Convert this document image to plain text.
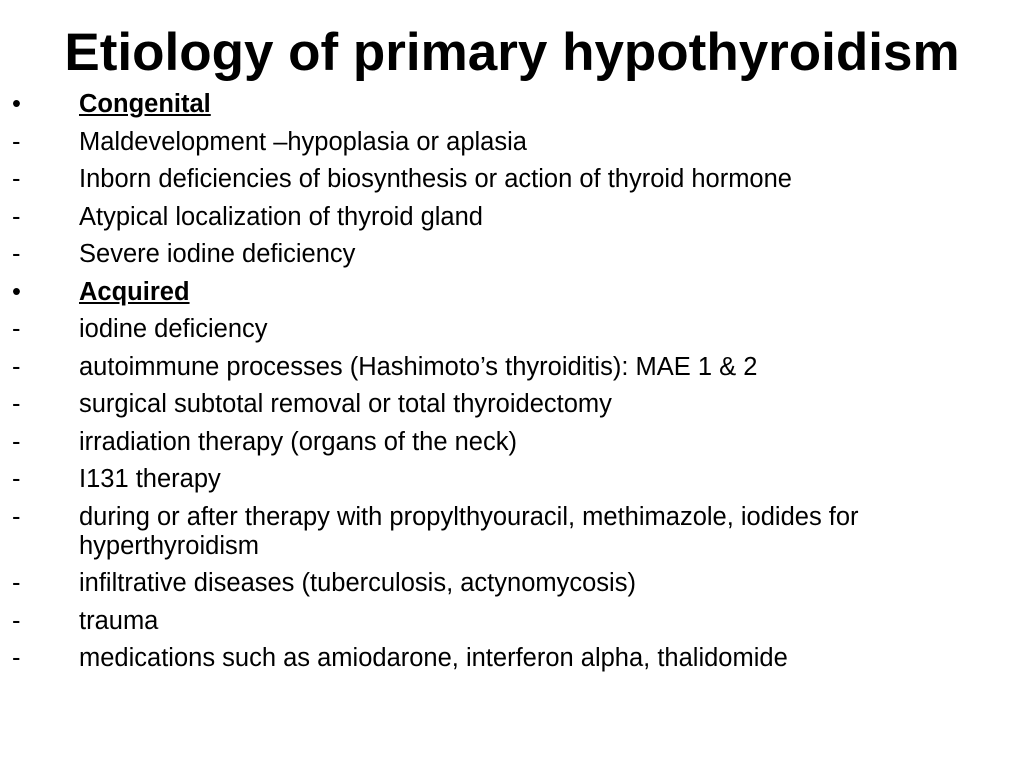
Etiology of primary hypothyroidism
•	Congenital
-	Maldevelopment –hypoplasia or aplasia
-	Inborn deficiencies of biosynthesis or action of thyroid hormone
-	Atypical localization of thyroid gland
-	Severe iodine deficiency
•	Acquired
-	iodine deficiency
-	autoimmune processes (Hashimoto’s thyroiditis): MAE 1 & 2
-	surgical subtotal removal or total thyroidectomy
-	irradiation therapy (organs of the neck)
-	I131 therapy
-	during or after therapy with propylthyouracil, methimazole, iodides for hyperthyroidism
-	infiltrative diseases (tuberculosis, actynomycosis)
-	trauma
-	medications such as amiodarone, interferon alpha, thalidomide
